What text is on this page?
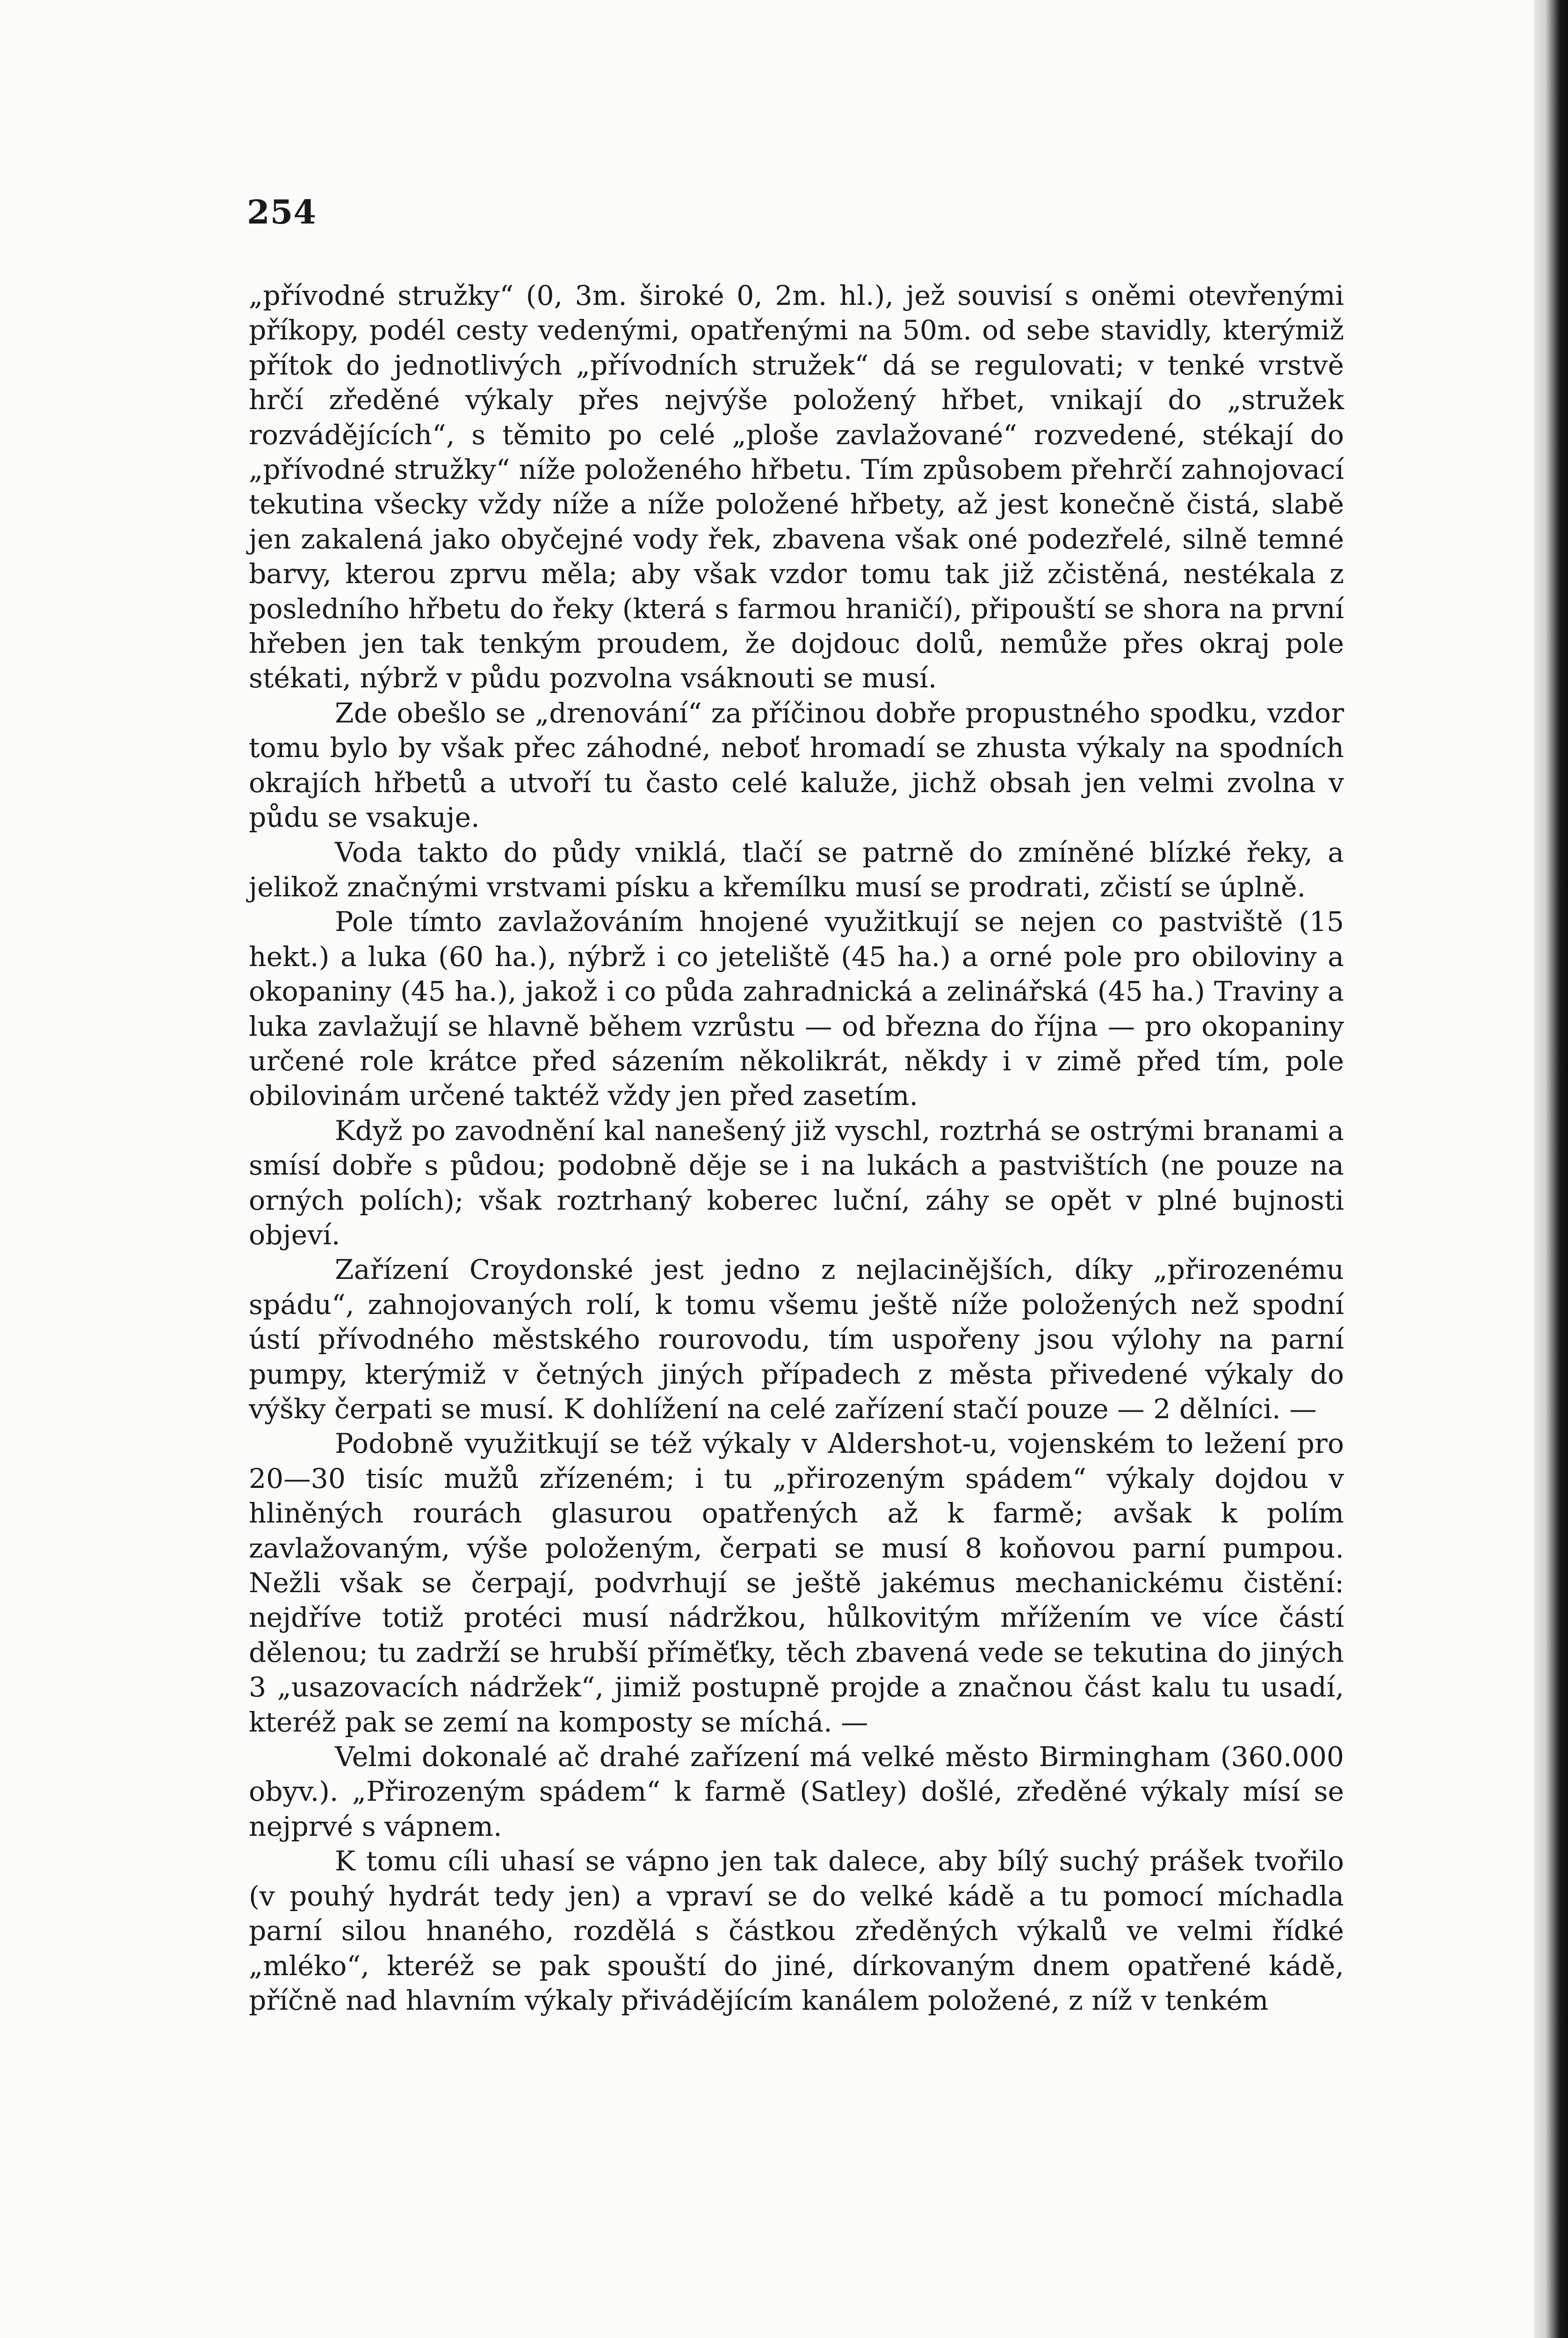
254

„přívodné stružky“ (0, 3m. široké 0, 2m. hl.), jež souvisí s oněmi otevřenými příkopy, podél cesty vedenými, opatřenými na 50m. od sebe stavidly, kterýmiž přítok do jednotlivých „přívodních stružek“ dá se regulovati; v tenké vrstvě hrčí zředěné výkaly přes nejvýše položený hřbet, vnikají do „stružek rozvádějících“, s těmito po celé „ploše zavlažované“ rozvedené, stékají do „přívodné stružky“ níže položeného hřbetu. Tím způsobem přehrčí zahnojovací tekutina všecky vždy níže a níže položené hřbety, až jest konečně čistá, slabě jen zakalená jako obyčejné vody řek, zbavena však oné podezřelé, silně temné barvy, kterou zprvu měla; aby však vzdor tomu tak již zčistěná, nestékala z posledního hřbetu do řeky (která s farmou hraničí), připouští se shora na první hřeben jen tak tenkým proudem, že dojdouc dolů, nemůže přes okraj pole stékati, nýbrž v půdu pozvolna vsáknouti se musí.

Zde obešlo se „drenování“ za příčinou dobře propustného spodku, vzdor tomu bylo by však přec záhodné, neboť hromadí se zhusta výkaly na spodních okrajích hřbetů a utvoří tu často celé kaluže, jichž obsah jen velmi zvolna v půdu se vsakuje.

Voda takto do půdy vniklá, tlačí se patrně do zmíněné blízké řeky, a jelikož značnými vrstvami písku a křemílku musí se prodrati, zčistí se úplně.

Pole tímto zavlažováním hnojené využitkují se nejen co pastviště (15 hekt.) a luka (60 ha.), nýbrž i co jeteliště (45 ha.) a orné pole pro obiloviny a okopaniny (45 ha.), jakož i co půda zahradnická a zelinářská (45 ha.) Traviny a luka zavlažují se hlavně během vzrůstu — od března do října — pro okopaniny určené role krátce před sázením několikrát, někdy i v zimě před tím, pole obilovinám určené taktéž vždy jen před zasetím.

Když po zavodnění kal nanešený již vyschl, roztrhá se ostrými branami a smísí dobře s půdou; podobně děje se i na lukách a pastvištích (ne pouze na orných polích); však roztrhaný koberec luční, záhy se opět v plné bujnosti objeví.

Zařízení Croydonské jest jedno z nejlacinějších, díky „přirozenému spádu“, zahnojovaných rolí, k tomu všemu ještě níže položených než spodní ústí přívodného městského rourovodu, tím uspořeny jsou výlohy na parní pumpy, kterýmiž v četných jiných případech z města přivedené výkaly do výšky čerpati se musí. K dohlížení na celé zařízení stačí pouze — 2 dělníci. —

Podobně využitkují se též výkaly v Aldershot-u, vojenském to ležení pro 20—30 tisíc mužů zřízeném; i tu „přirozeným spádem“ výkaly dojdou v hliněných rourách glasurou opatřených až k farmě; avšak k polím zavlažovaným, výše položeným, čerpati se musí 8 koňovou parní pumpou. Nežli však se čerpají, podvrhují se ještě jakémus mechanickému čistění: nejdříve totiž protéci musí nádržkou, hůlkovitým mřížením ve více částí dělenou; tu zadrží se hrubší příměťky, těch zbavená vede se tekutina do jiných 3 „usazovacích nádržek“, jimiž postupně projde a značnou část kalu tu usadí, kteréž pak se zemí na komposty se míchá. —

Velmi dokonalé ač drahé zařízení má velké město Birmingham (360.000 obyv.). „Přirozeným spádem“ k farmě (Satley) došlé, zředěné výkaly mísí se nejprvé s vápnem.

K tomu cíli uhasí se vápno jen tak dalece, aby bílý suchý prášek tvořilo (v pouhý hydrát tedy jen) a vpraví se do velké kádě a tu pomocí míchadla parní silou hnaného, rozdělá s částkou zředěných výkalů ve velmi řídké „mléko“, kteréž se pak spouští do jiné, dírkovaným dnem opatřené kádě, příčně nad hlavním výkaly přivádějícím kanálem položené, z níž v tenkém
